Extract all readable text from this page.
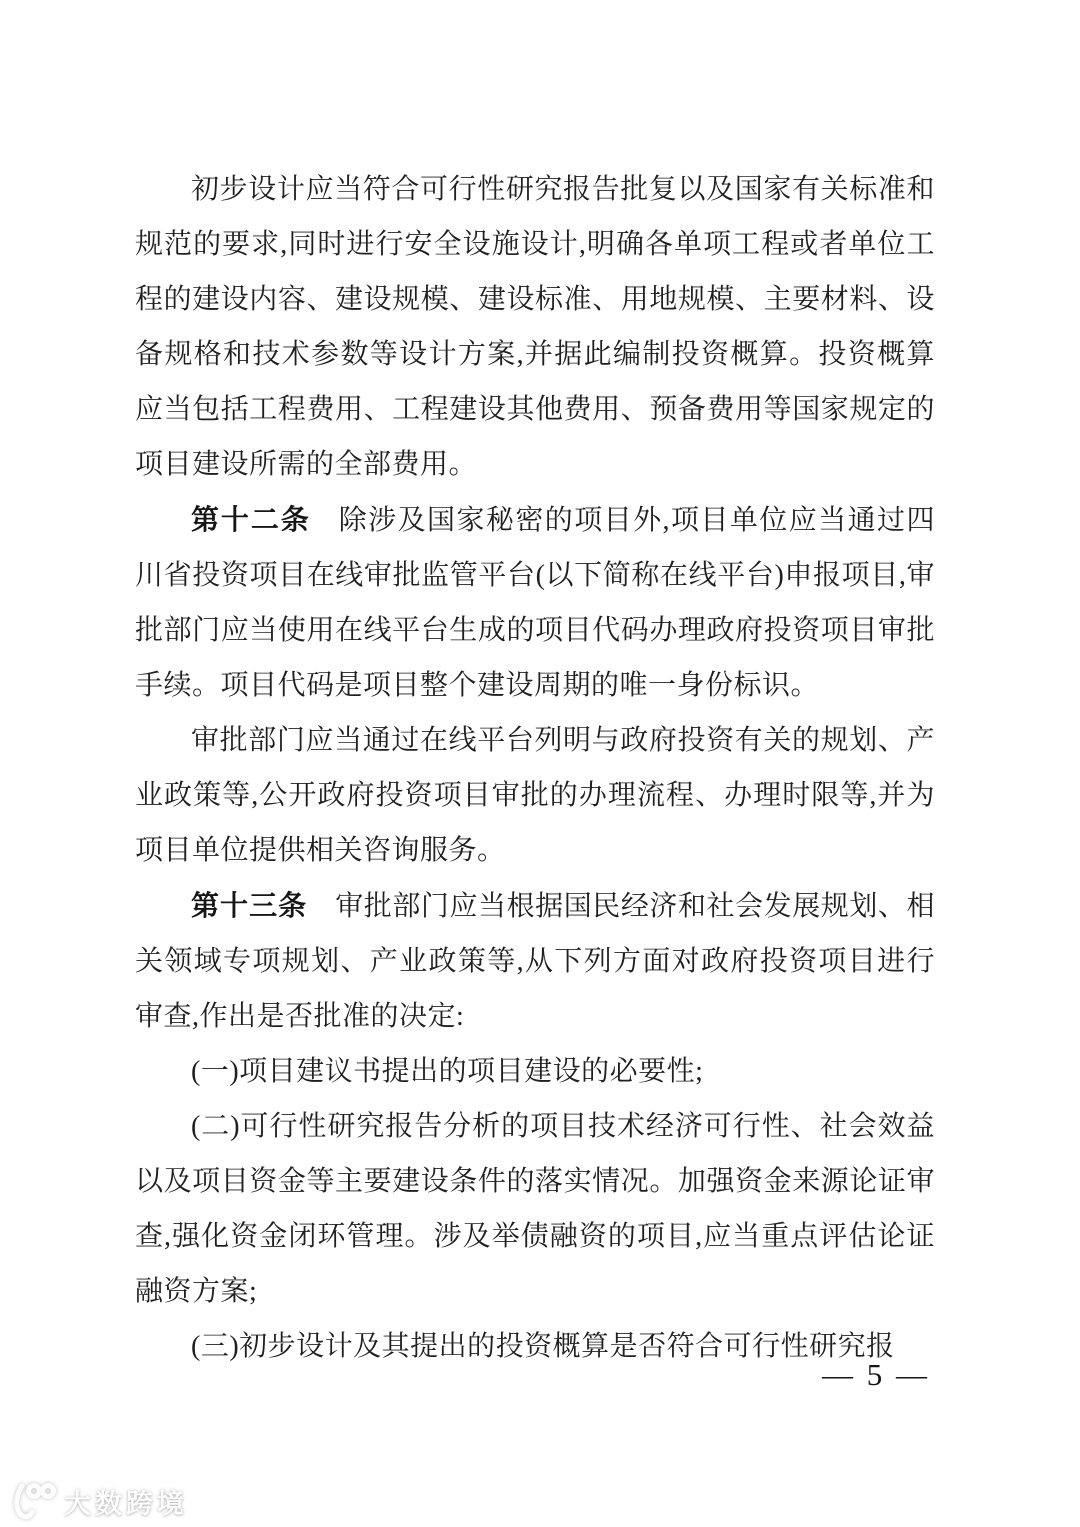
初步设计应当符合可行性研究报告批复以及国家有关标准和规范的要求,同时进行安全设施设计,明确各单项工程或者单位工程的建设内容、建设规模、建设标准、用地规模、主要材料、设备规格和技术参数等设计方案,并据此编制投资概算。投资概算应当包括工程费用、工程建设其他费用、预备费用等国家规定的项目建设所需的全部费用。

第十二条 除涉及国家秘密的项目外,项目单位应当通过四川省投资项目在线审批监管平台(以下简称在线平台)申报项目,审批部门应当使用在线平台生成的项目代码办理政府投资项目审批手续。项目代码是项目整个建设周期的唯一身份标识。

审批部门应当通过在线平台列明与政府投资有关的规划、产业政策等,公开政府投资项目审批的办理流程、办理时限等,并为项目单位提供相关咨询服务。

第十三条 审批部门应当根据国民经济和社会发展规划、相关领域专项规划、产业政策等,从下列方面对政府投资项目进行审查,作出是否批准的决定:

(一)项目建议书提出的项目建设的必要性;

(二)可行性研究报告分析的项目技术经济可行性、社会效益以及项目资金等主要建设条件的落实情况。加强资金来源论证审查,强化资金闭环管理。涉及举债融资的项目,应当重点评估论证融资方案;

(三)初步设计及其提出的投资概算是否符合可行性研究报

— 5 —
大数跨境
